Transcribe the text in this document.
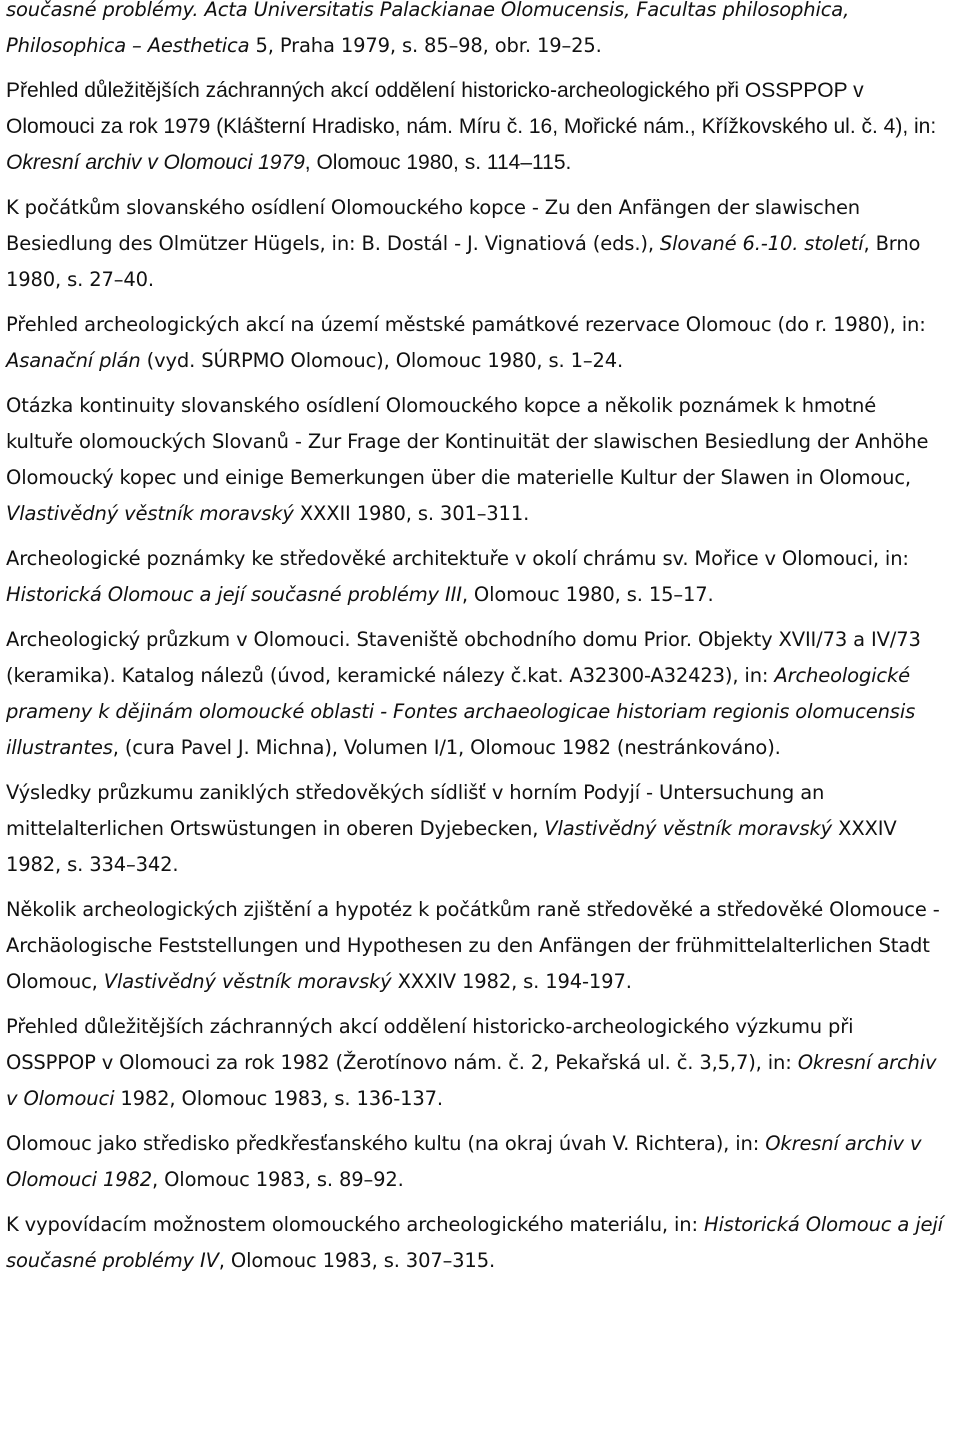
současné problémy. Acta Universitatis Palackianae Olomucensis, Facultas philosophica, Philosophica – Aesthetica 5, Praha 1979, s. 85–98, obr. 19–25.

Přehled důležitějších záchranných akcí oddělení historicko-archeologického při OSSPPOP v Olomouci za rok 1979 (Klášterní Hradisko, nám. Míru č. 16, Mořické nám., Křížkovského ul. č. 4), in: Okresní archiv v Olomouci 1979, Olomouc 1980, s. 114–115.

K počátkům slovanského osídlení Olomouckého kopce - Zu den Anfängen der slawischen Besiedlung des Olmützer Hügels, in: B. Dostál - J. Vignatiová (eds.), Slované 6.-10. století, Brno 1980, s. 27–40.

Přehled archeologických akcí na území městské památkové rezervace Olomouc (do r. 1980), in: Asanační plán (vyd. SÚRPMO Olomouc), Olomouc 1980, s. 1–24.

Otázka kontinuity slovanského osídlení Olomouckého kopce a několik poznámek k hmotné kultuře olomouckých Slovanů - Zur Frage der Kontinuität der slawischen Besiedlung der Anhöhe Olomoucký kopec und einige Bemerkungen über die materielle Kultur der Slawen in Olomouc, Vlastivědný věstník moravský XXXII 1980, s. 301–311.

Archeologické poznámky ke středověké architektuře v okolí chrámu sv. Mořice v Olomouci, in: Historická Olomouc a její současné problémy III, Olomouc 1980, s. 15–17.

Archeologický průzkum v Olomouci. Staveniště obchodního domu Prior. Objekty XVII/73 a IV/73 (keramika). Katalog nálezů (úvod, keramické nálezy č.kat. A32300-A32423), in: Archeologické prameny k dějinám olomoucké oblasti - Fontes archaeologicae historiam regionis olomucensis illustrantes, (cura Pavel J. Michna), Volumen I/1, Olomouc 1982 (nestránkováno).

Výsledky průzkumu zaniklých středověkých sídlišť v horním Podyjí - Untersuchung an mittelalterlichen Ortswüstungen in oberen Dyjebecken, Vlastivědný věstník moravský XXXIV 1982, s. 334–342.

Několik archeologických zjištění a hypotéz k počátkům raně středověké a středověké Olomouce - Archäologische Feststellungen und Hypothesen zu den Anfängen der frühmittelalterlichen Stadt Olomouc, Vlastivědný věstník moravský XXXIV 1982, s. 194-197.

Přehled důležitějších záchranných akcí oddělení historicko-archeologického výzkumu při OSSPPOP v Olomouci za rok 1982 (Žerotínovo nám. č. 2, Pekařská ul. č. 3,5,7), in: Okresní archiv v Olomouci 1982, Olomouc 1983, s. 136-137.

Olomouc jako středisko předkřesťanského kultu (na okraj úvah V. Richtera), in: Okresní archiv v Olomouci 1982, Olomouc 1983, s. 89–92.

K vypovídacím možnostem olomouckého archeologického materiálu, in: Historická Olomouc a její současné problémy IV, Olomouc 1983, s. 307–315.
